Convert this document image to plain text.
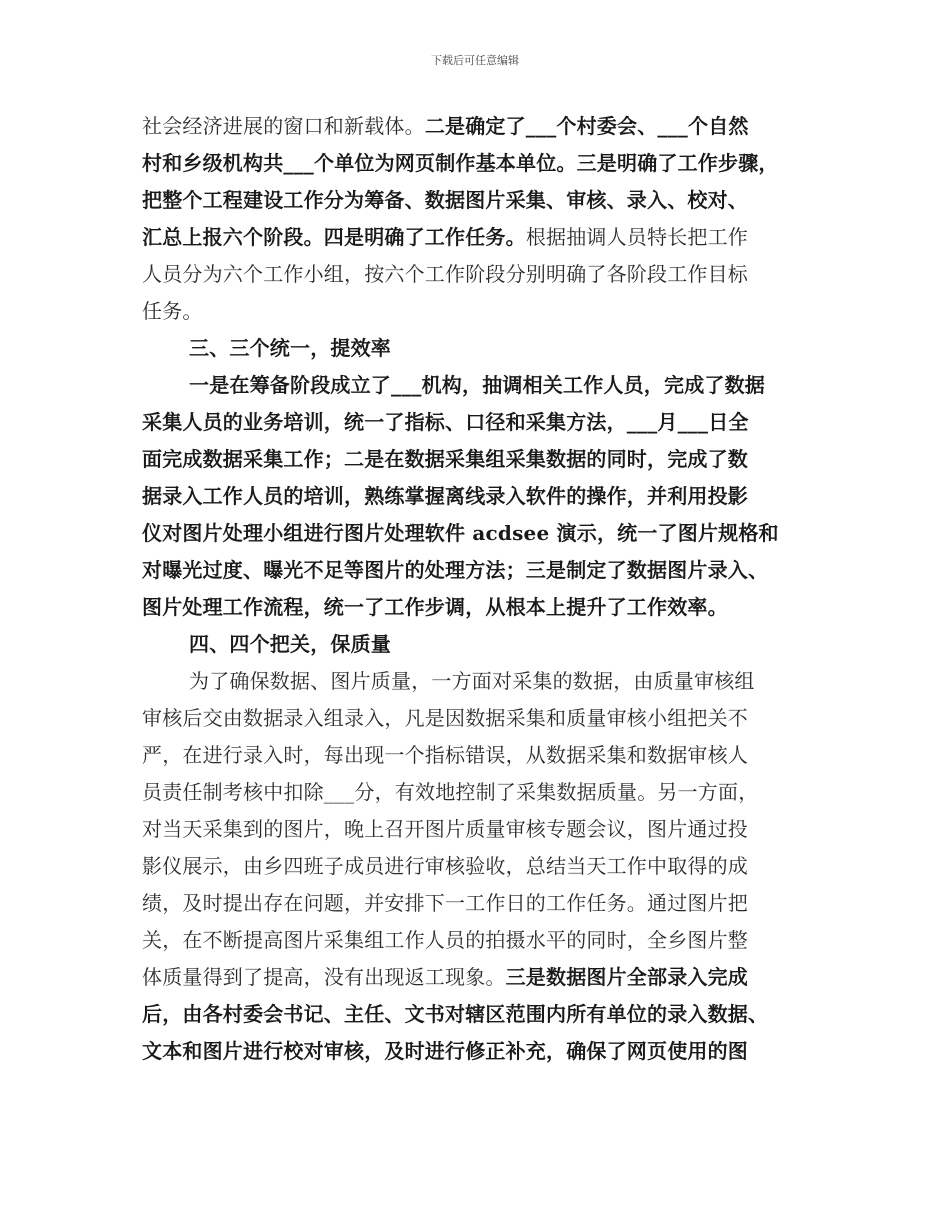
下载后可任意编辑
社会经济进展的窗口和新载体。二是确定了___个村委会、___个自然
村和乡级机构共___个单位为网页制作基本单位。三是明确了工作步骤，
把整个工程建设工作分为筹备、数据图片采集、审核、录入、校对、
汇总上报六个阶段。四是明确了工作任务。根据抽调人员特长把工作
人员分为六个工作小组，按六个工作阶段分别明确了各阶段工作目标
任务。
三、三个统一，提效率
一是在筹备阶段成立了___机构，抽调相关工作人员，完成了数据
采集人员的业务培训，统一了指标、口径和采集方法，___月___日全
面完成数据采集工作；二是在数据采集组采集数据的同时，完成了数
据录入工作人员的培训，熟练掌握离线录入软件的操作，并利用投影
仪对图片处理小组进行图片处理软件 acdsee 演示，统一了图片规格和
对曝光过度、曝光不足等图片的处理方法；三是制定了数据图片录入、
图片处理工作流程，统一了工作步调，从根本上提升了工作效率。
四、四个把关，保质量
为了确保数据、图片质量，一方面对采集的数据，由质量审核组
审核后交由数据录入组录入，凡是因数据采集和质量审核小组把关不
严，在进行录入时，每出现一个指标错误，从数据采集和数据审核人
员责任制考核中扣除___分，有效地控制了采集数据质量。另一方面，
对当天采集到的图片，晚上召开图片质量审核专题会议，图片通过投
影仪展示，由乡四班子成员进行审核验收，总结当天工作中取得的成
绩，及时提出存在问题，并安排下一工作日的工作任务。通过图片把
关，在不断提高图片采集组工作人员的拍摄水平的同时，全乡图片整
体质量得到了提高，没有出现返工现象。三是数据图片全部录入完成
后，由各村委会书记、主任、文书对辖区范围内所有单位的录入数据、
文本和图片进行校对审核，及时进行修正补充，确保了网页使用的图
